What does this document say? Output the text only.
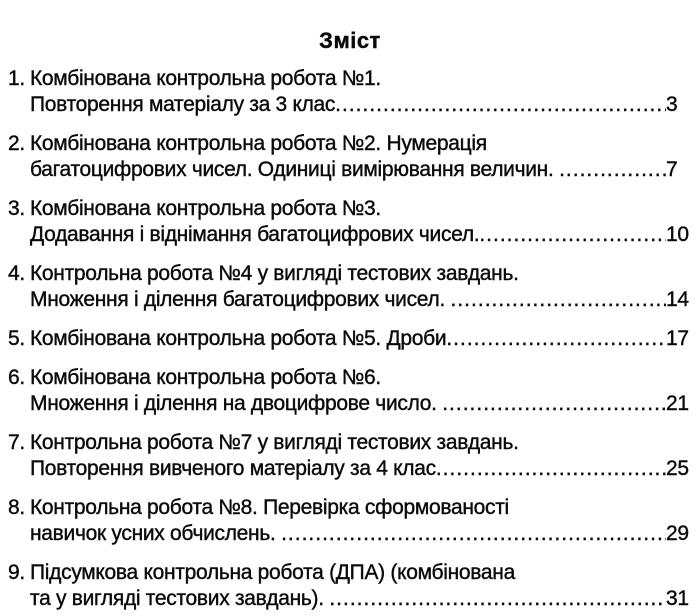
Зміст
1. Комбінована контрольна робота №1.
Повторення матеріалу за 3 клас .....	3
2. Комбінована контрольна робота №2. Нумерація
багатоцифрових чисел. Одиниці вимірювання величин. .....	7
3. Комбінована контрольна робота №3.
Додавання і віднімання багатоцифрових чисел. .....	10
4. Контрольна робота №4 у вигляді тестових завдань.
Множення і ділення багатоцифрових чисел. .....	14
5. Комбінована контрольна робота №5. Дроби .....	17
6. Комбінована контрольна робота №6.
Множення і ділення на двоцифрове число. .....	21
7. Контрольна робота №7 у вигляді тестових завдань.
Повторення вивченого матеріалу за 4 клас .....	25
8. Контрольна робота №8. Перевірка сформованості
навичок усних обчислень. .....	29
9. Підсумкова контрольна робота (ДПА) (комбінована
та у вигляді тестових завдань). .....	31
